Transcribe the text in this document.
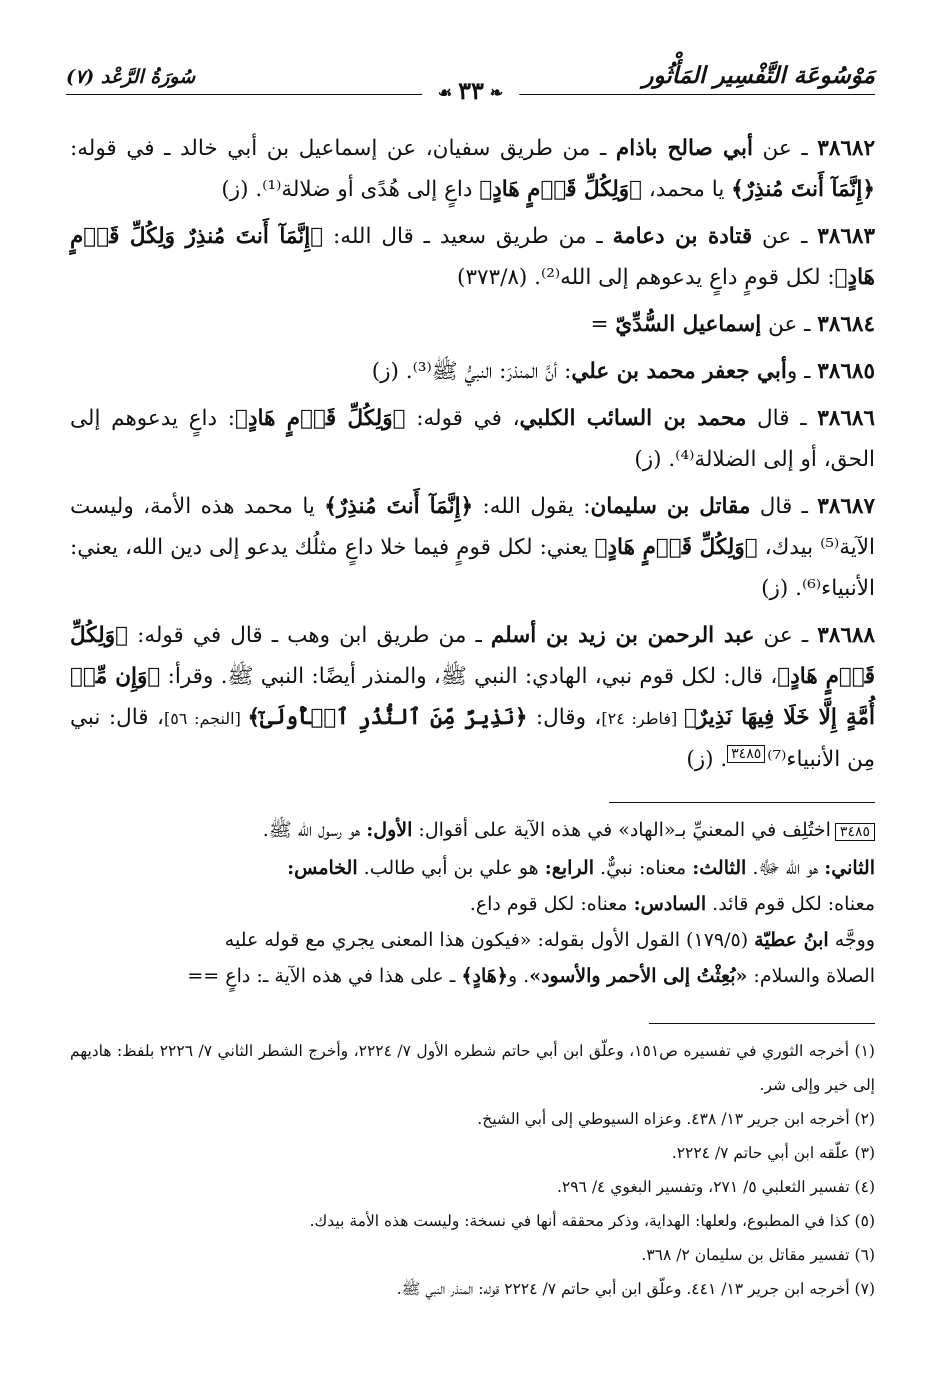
مَوْسُوعَة التَّفْسِير المَأْثُور
❧٣٣☙
سُورَةُ الرَّعْد (٧)

٣٨٦٨٢ ـ عن أبي صالح باذام ـ من طريق سفيان، عن إسماعيل بن أبي خالد ـ في قوله: ﴿إِنَّمَآ أَنتَ مُنذِرٌ﴾ يا محمد، ﴿وَلِكُلِّ قَوۡمٍ هَادٍ﴾ داعٍ إلى هُدًى أو ضلالة⁽¹⁾. (ز)

٣٨٦٨٣ ـ عن قتادة بن دعامة ـ من طريق سعيد ـ قال الله: ﴿إِنَّمَآ أَنتَ مُنذِرٌ وَلِكُلِّ قَوۡمٍ هَادٍ﴾: لكل قومٍ داعٍ يدعوهم إلى الله⁽²⁾. (٣٧٣/٨)

٣٨٦٨٤ ـ عن إسماعيل السُّدِّيّ =

٣٨٦٨٥ ـ وأبي جعفر محمد بن علي: أنَّ المنذرَ: النبيُّ ﷺ⁽³⁾. (ز)

٣٨٦٨٦ ـ قال محمد بن السائب الكلبي، في قوله: ﴿وَلِكُلِّ قَوۡمٍ هَادٍ﴾: داعٍ يدعوهم إلى الحق، أو إلى الضلالة⁽⁴⁾. (ز)

٣٨٦٨٧ ـ قال مقاتل بن سليمان: يقول الله: ﴿إِنَّمَآ أَنتَ مُنذِرٌ﴾ يا محمد هذه الأمة، وليست الآية⁽⁵⁾ بيدك، ﴿وَلِكُلِّ قَوۡمٍ هَادٍ﴾ يعني: لكل قومٍ فيما خلا داعٍ مثلُك يدعو إلى دين الله، يعني: الأنبياء⁽⁶⁾. (ز)

٣٨٦٨٨ ـ عن عبد الرحمن بن زيد بن أسلم ـ من طريق ابن وهب ـ قال في قوله: ﴿وَلِكُلِّ قَوۡمٍ هَادٍ﴾، قال: لكل قوم نبي، الهادي: النبي ﷺ، والمنذر أيضًا: النبي ﷺ. وقرأ: ﴿وَإِن مِّنۡ أُمَّةٍ إِلَّا خَلَا فِيهَا نَذِيرٌ﴾ [فاطر: ٢٤]، وقال: ﴿نَذِيرٌ مِّنَ ٱلنُّذُرِ ٱلۡأُولَىٰٓ﴾ [النجم: ٥٦]، قال: نبي مِن الأنبياء⁽⁷⁾$^{٣٤٨٥}$. (ز)

٣٤٨٥اختُلِف في المعنيِّ بـ«الهاد» في هذه الآية على أقوال: الأول: هو رسول الله ﷺ.

الثاني: هو الله ﷻ. الثالث: معناه: نبيٌّ. الرابع: هو علي بن أبي طالب. الخامس:

معناه: لكل قوم قائد. السادس: معناه: لكل قوم داع.

ووجَّه ابنُ عطيّة (١٧٩/٥) القول الأول بقوله: «فيكون هذا المعنى يجري مع قوله عليه

الصلاة والسلام: «بُعِثْتُ إلى الأحمر والأسود». و﴿هَادٍ﴾ ـ على هذا في هذه الآية ـ: داعٍ ==

(١) أخرجه الثوري في تفسيره ص١٥١، وعلّق ابن أبي حاتم شطره الأول ٧/ ٢٢٢٤، وأخرج الشطر الثاني ٧/ ٢٢٢٦ بلفظ: هاديهم إلى خير وإلى شر.

(٢) أخرجه ابن جرير ١٣/ ٤٣٨. وعزاه السيوطي إلى أبي الشيخ.

(٣) علّقه ابن أبي حاتم ٧/ ٢٢٢٤.

(٤) تفسير الثعلبي ٥/ ٢٧١، وتفسير البغوي ٤/ ٢٩٦.

(٥) كذا في المطبوع، ولعلها: الهداية، وذكر محققه أنها في نسخة: وليست هذه الأمة بيدك.

(٦) تفسير مقاتل بن سليمان ٢/ ٣٦٨.

(٧) أخرجه ابن جرير ١٣/ ٤٤١. وعلّق ابن أبي حاتم ٧/ ٢٢٢٤ قوله: المنذر النبي ﷺ.
